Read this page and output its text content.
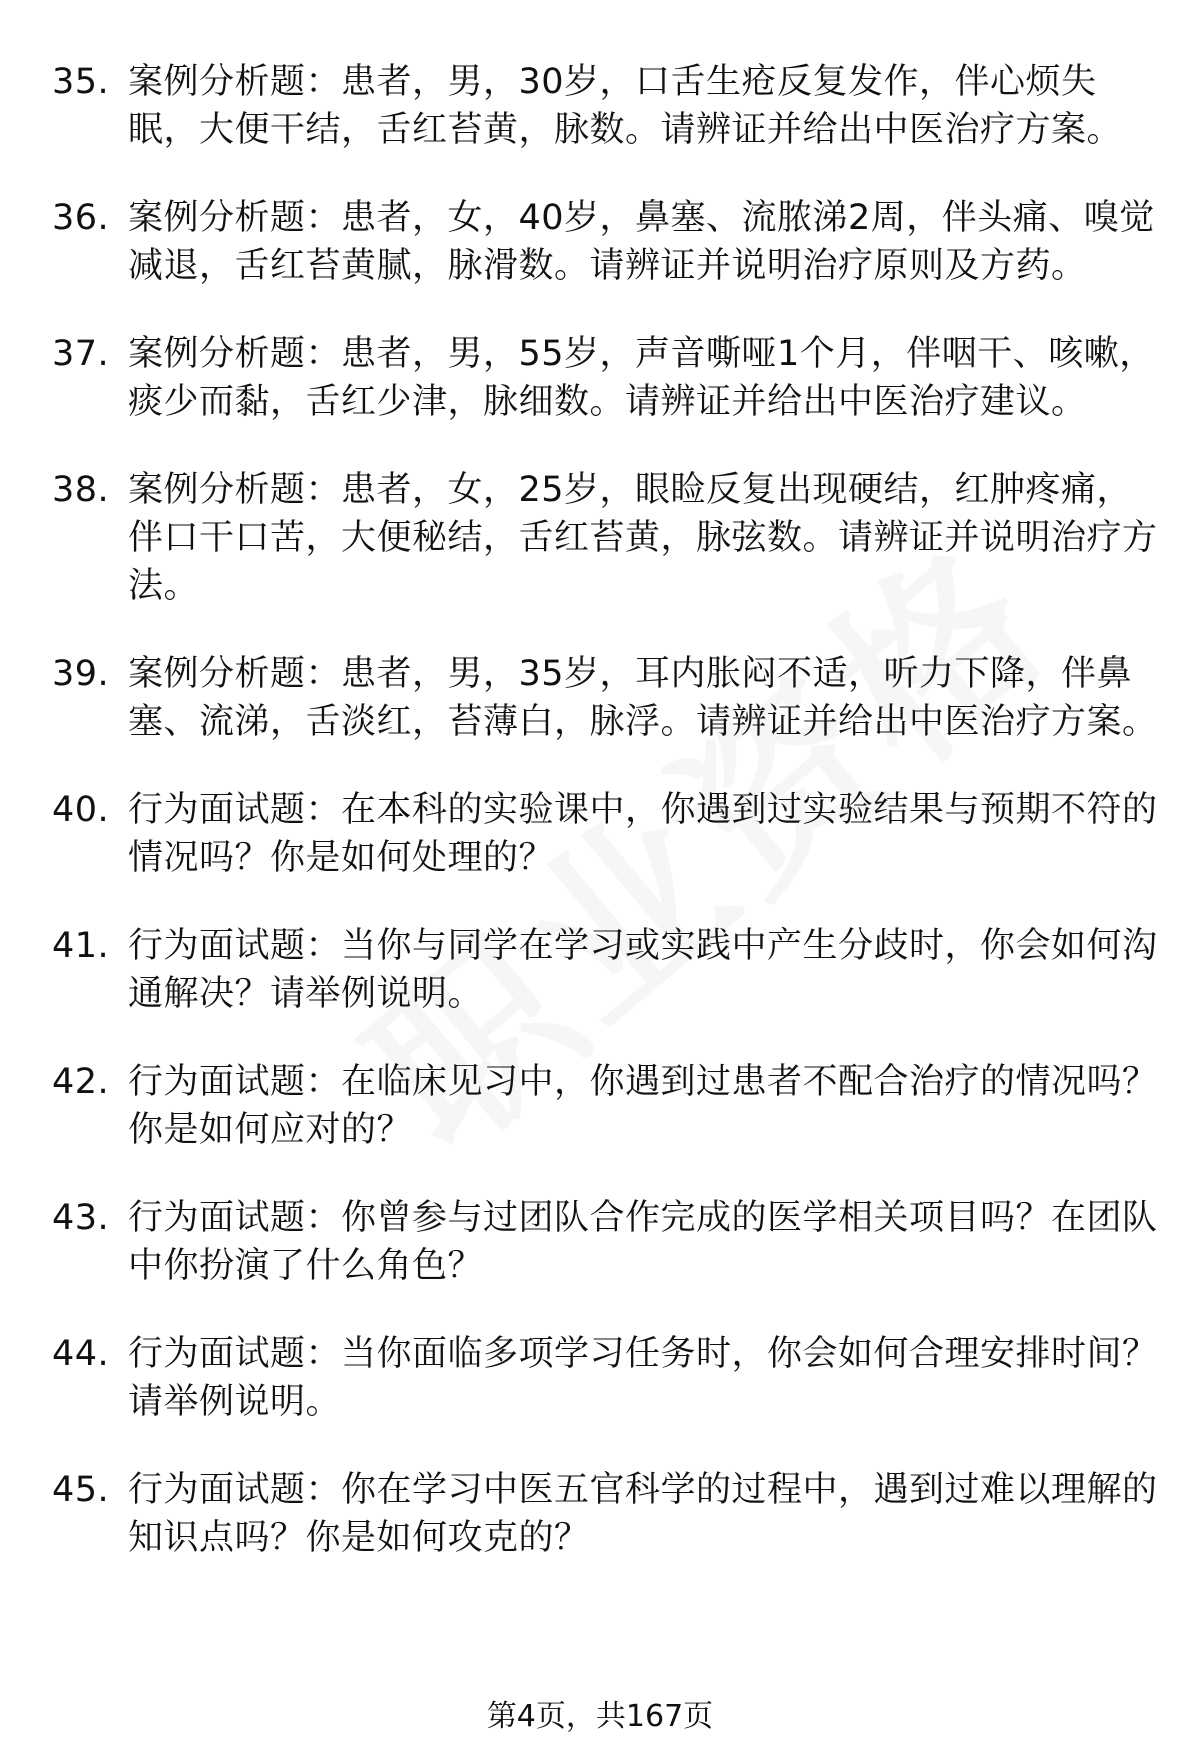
35. 案例分析题：患者，男，30岁，口舌生疮反复发作，伴心烦失眠，大便干结，舌红苔黄，脉数。请辨证并给出中医治疗方案。
36. 案例分析题：患者，女，40岁，鼻塞、流脓涕2周，伴头痛、嗅觉减退，舌红苔黄腻，脉滑数。请辨证并说明治疗原则及方药。
37. 案例分析题：患者，男，55岁，声音嘶哑1个月，伴咽干、咳嗽，痰少而黏，舌红少津，脉细数。请辨证并给出中医治疗建议。
38. 案例分析题：患者，女，25岁，眼睑反复出现硬结，红肿疼痛，伴口干口苦，大便秘结，舌红苔黄，脉弦数。请辨证并说明治疗方法。
39. 案例分析题：患者，男，35岁，耳内胀闷不适，听力下降，伴鼻塞、流涕，舌淡红，苔薄白，脉浮。请辨证并给出中医治疗方案。
40. 行为面试题：在本科的实验课中，你遇到过实验结果与预期不符的情况吗？你是如何处理的？
41. 行为面试题：当你与同学在学习或实践中产生分歧时，你会如何沟通解决？请举例说明。
42. 行为面试题：在临床见习中，你遇到过患者不配合治疗的情况吗？你是如何应对的？
43. 行为面试题：你曾参与过团队合作完成的医学相关项目吗？在团队中你扮演了什么角色？
44. 行为面试题：当你面临多项学习任务时，你会如何合理安排时间？请举例说明。
45. 行为面试题：你在学习中医五官科学的过程中，遇到过难以理解的知识点吗？你是如何攻克的？
第4页，共167页
